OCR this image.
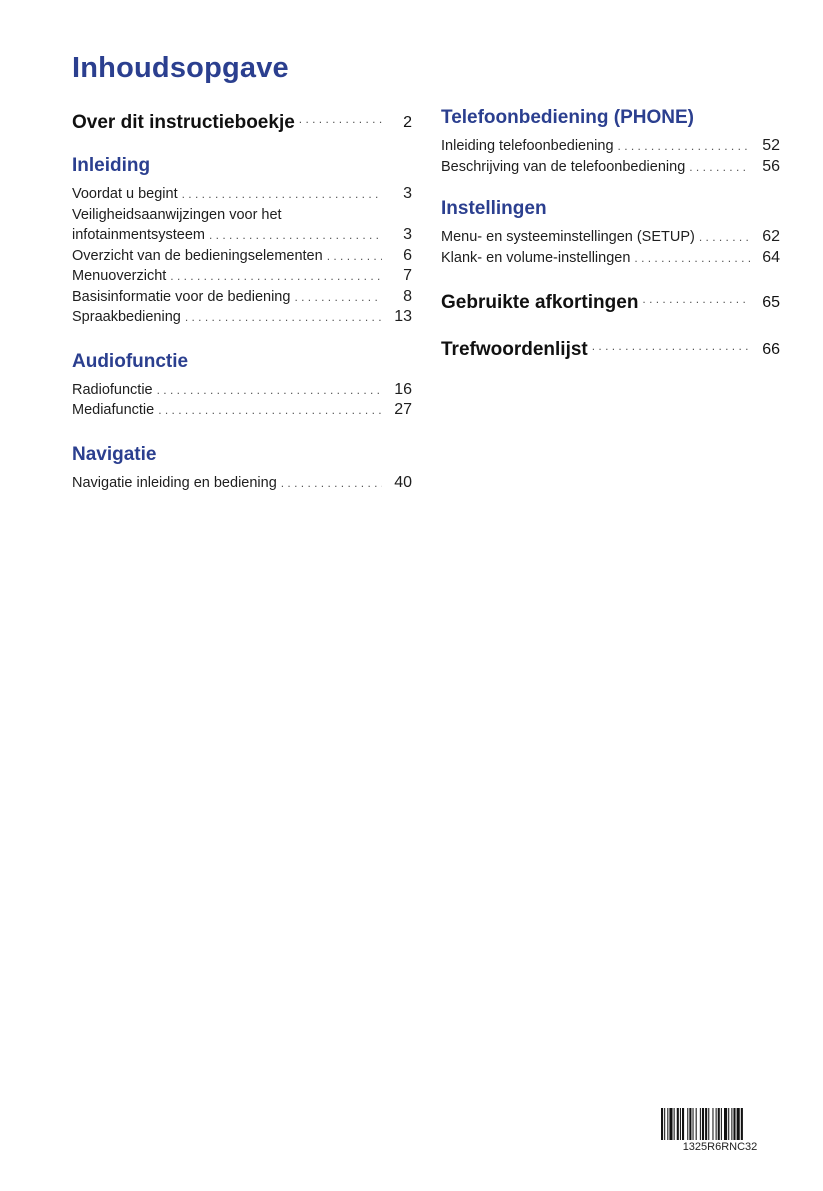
Inhoudsopgave
Over dit instructieboekje . . .	2
Inleiding
Voordat u begint . . .	3
Veiligheidsaanwijzingen voor het
infotainmentsysteem . . .	3
Overzicht van de bedieningselementen . . .	6
Menuoverzicht . . .	7
Basisinformatie voor de bediening . . .	8
Spraakbediening . . .	13
Audiofunctie
Radiofunctie . . .	16
Mediafunctie . . .	27
Navigatie
Navigatie inleiding en bediening . . .	40
Telefoonbediening (PHONE)
Inleiding telefoonbediening . . .	52
Beschrijving van de telefoonbediening . . .	56
Instellingen
Menu- en systeeminstellingen (SETUP) . . .	62
Klank- en volume-instellingen . . .	64
Gebruikte afkortingen . . .	65
Trefwoordenlijst . . .	66
1325R6RNC32
